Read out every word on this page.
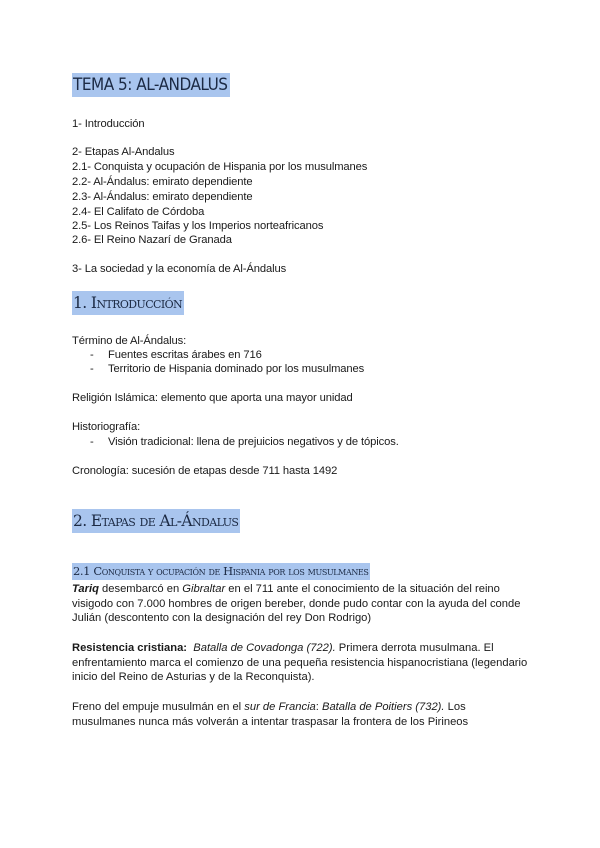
TEMA 5: AL-ANDALUS
1- Introducción
2- Etapas Al-Andalus
2.1- Conquista y ocupación de Hispania por los musulmanes
2.2- Al-Ándalus: emirato dependiente
2.3- Al-Ándalus: emirato dependiente
2.4- El Califato de Córdoba
2.5- Los Reinos Taifas y los Imperios norteafricanos
2.6- El Reino Nazarí de Granada
3- La sociedad y la economía de Al-Ándalus
1. Introducción
Término de Al-Ándalus:
- Fuentes escritas árabes en 716
- Territorio de Hispania dominado por los musulmanes
Religión Islámica: elemento que aporta una mayor unidad
Historiografía:
- Visión tradicional: llena de prejuicios negativos y de tópicos.
Cronología: sucesión de etapas desde 711 hasta 1492
2. Etapas de Al-Ándalus
2.1 Conquista y ocupación de Hispania por los musulmanes
Tariq desembarcó en Gibraltar en el 711 ante el conocimiento de la situación del reino
visigodo con 7.000 hombres de origen bereber, donde pudo contar con la ayuda del conde
Julián (descontento con la designación del rey Don Rodrigo)
Resistencia cristiana: Batalla de Covadonga (722). Primera derrota musulmana. El
enfrentamiento marca el comienzo de una pequeña resistencia hispanocristiana (legendario
inicio del Reino de Asturias y de la Reconquista).
Freno del empuje musulmán en el sur de Francia: Batalla de Poitiers (732). Los
musulmanes nunca más volverán a intentar traspasar la frontera de los Pirineos
